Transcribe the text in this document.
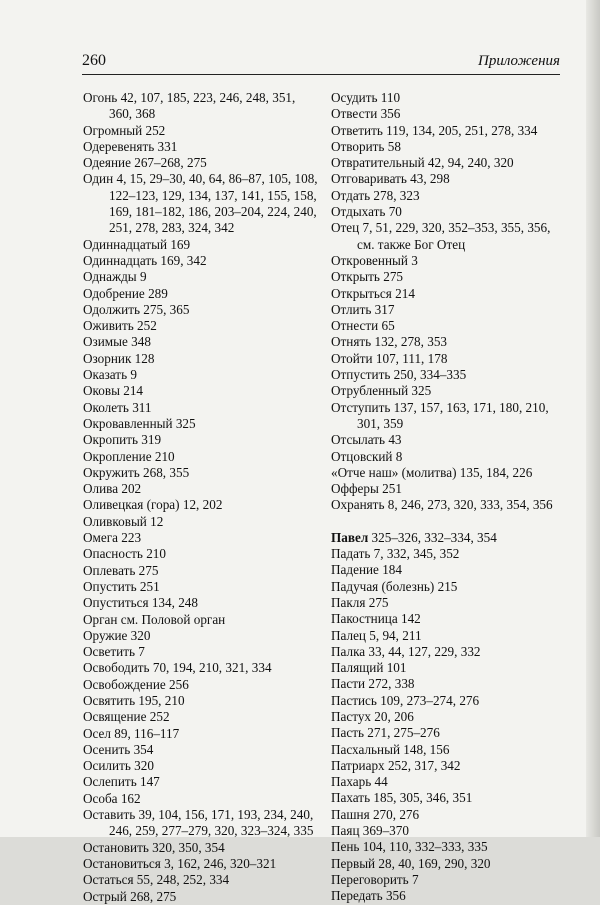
260	Приложения
Огонь 42, 107, 185, 223, 246, 248, 351, 360, 368
Огромный 252
Одеревенять 331
Одеяние 267–268, 275
Один 4, 15, 29–30, 40, 64, 86–87, 105, 108, 122–123, 129, 134, 137, 141, 155, 158, 169, 181–182, 186, 203–204, 224, 240, 251, 278, 283, 324, 342
Одиннадцатый 169
Одиннадцать 169, 342
Однажды 9
Одобрение 289
Одолжить 275, 365
Оживить 252
Озимые 348
Озорник 128
Оказать 9
Оковы 214
Околеть 311
Окровавленный 325
Окропить 319
Окропление 210
Окружить 268, 355
Олива 202
Оливецкая (гора) 12, 202
Оливковый 12
Омега 223
Опасность 210
Оплевать 275
Опустить 251
Опуститься 134, 248
Орган см. Половой орган
Оружие 320
Осветить 7
Освободить 70, 194, 210, 321, 334
Освобождение 256
Освятить 195, 210
Освящение 252
Осел 89, 116–117
Осенить 354
Осилить 320
Ослепить 147
Особа 162
Оставить 39, 104, 156, 171, 193, 234, 240, 246, 259, 277–279, 320, 323–324, 335
Остановить 320, 350, 354
Остановиться 3, 162, 246, 320–321
Остаться 55, 248, 252, 334
Острый 268, 275
Осудить 110
Отвести 356
Ответить 119, 134, 205, 251, 278, 334
Отворить 58
Отвратительный 42, 94, 240, 320
Отговаривать 43, 298
Отдать 278, 323
Отдыхать 70
Отец 7, 51, 229, 320, 352–353, 355, 356, см. также Бог Отец
Откровенный 3
Открыть 275
Открыться 214
Отлить 317
Отнести 65
Отнять 132, 278, 353
Отойти 107, 111, 178
Отпустить 250, 334–335
Отрубленный 325
Отступить 137, 157, 163, 171, 180, 210, 301, 359
Отсылать 43
Отцовский 8
«Отче наш» (молитва) 135, 184, 226
Офферы 251
Охранять 8, 246, 273, 320, 333, 354, 356
Павел 325–326, 332–334, 354
Падать 7, 332, 345, 352
Падение 184
Падучая (болезнь) 215
Пакля 275
Пакостница 142
Палец 5, 94, 211
Палка 33, 44, 127, 229, 332
Палящий 101
Пасти 272, 338
Пастись 109, 273–274, 276
Пастух 20, 206
Пасть 271, 275–276
Пасхальный 148, 156
Патриарх 252, 317, 342
Пахарь 44
Пахать 185, 305, 346, 351
Пашня 270, 276
Паяц 369–370
Пень 104, 110, 332–333, 335
Первый 28, 40, 169, 290, 320
Переговорить 7
Передать 356
